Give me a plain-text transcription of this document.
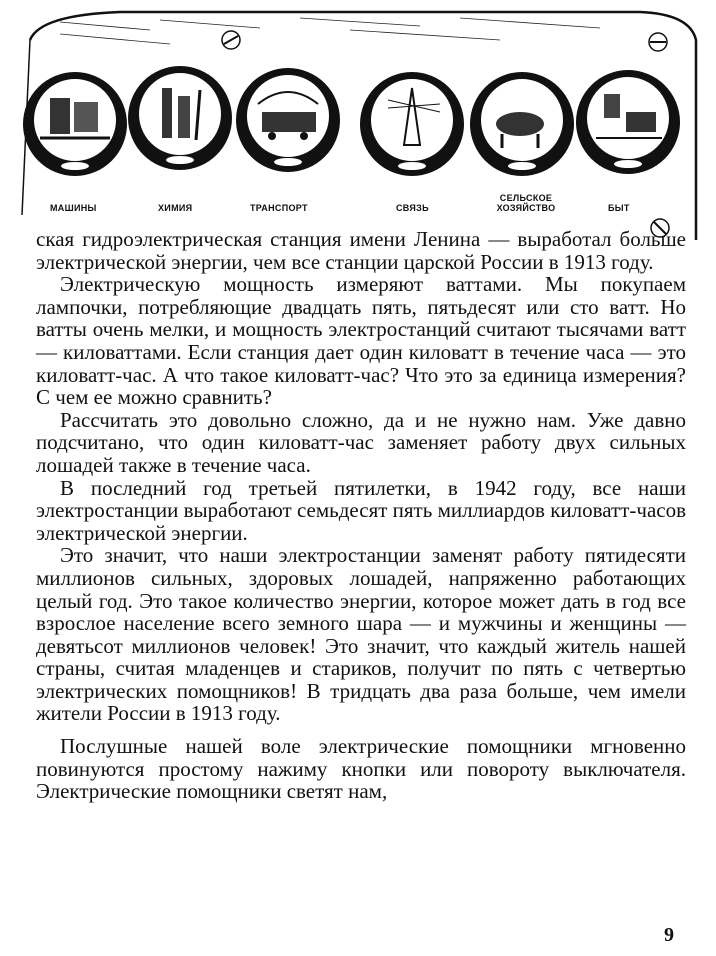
МАШИНЫ	ХИМИЯ	ТРАНСПОРТ	СВЯЗЬ
СЕЛЬСКОЕ
ХОЗЯЙСТВО	БЫТ

ская гидроэлектрическая станция имени Ленина — выработал больше электрической энергии, чем все станции царской России в 1913 году.

Электрическую мощность измеряют ваттами. Мы покупаем лампочки, потребляющие двадцать пять, пятьдесят или сто ватт. Но ватты очень мелки, и мощность электростанций считают тысячами ватт — киловаттами. Если станция дает один киловатт в течение часа — это киловатт-час. А что такое киловатт-час? Что это за единица измерения? С чем ее можно сравнить?

Рассчитать это довольно сложно, да и не нужно нам. Уже давно подсчитано, что один киловатт-час заменяет работу двух сильных лошадей также в течение часа.

В последний год третьей пятилетки, в 1942 году, все наши электростанции выработают семьдесят пять миллиардов киловатт-часов электрической энергии.

Это значит, что наши электростанции заменят работу пятидесяти миллионов сильных, здоровых лошадей, напряженно работающих целый год. Это такое количество энергии, которое может дать в год все взрослое население всего земного шара — и мужчины и женщины — девятьсот миллионов человек! Это значит, что каждый житель нашей страны, считая младенцев и стариков, получит по пять с четвертью электрических помощников! В тридцать два раза больше, чем имели жители России в 1913 году.

Послушные нашей воле электрические помощники мгновенно повинуются простому нажиму кнопки или повороту выключателя. Электрические помощники светят нам,

9
